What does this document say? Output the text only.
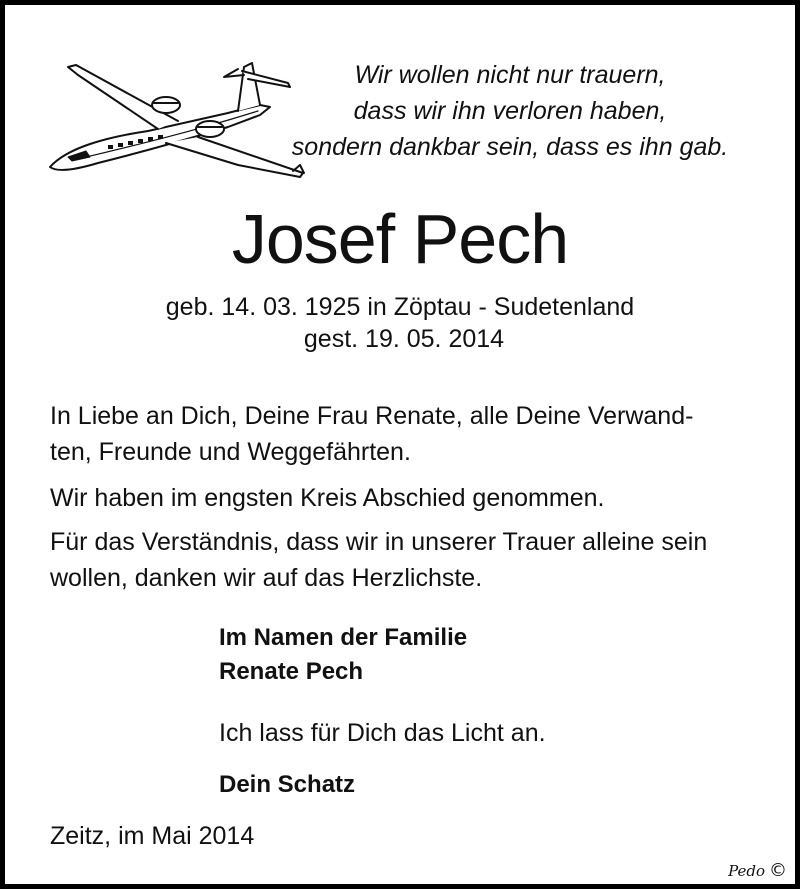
Wir wollen nicht nur trauern,
dass wir ihn verloren haben,
sondern dankbar sein, dass es ihn gab.
Josef Pech
geb. 14. 03. 1925 in Zöptau - Sudetenland
gest. 19. 05. 2014

In Liebe an Dich, Deine Frau Renate, alle Deine Verwand-
ten, Freunde und Weggefährten.

Wir haben im engsten Kreis Abschied genommen.

Für das Verständnis, dass wir in unserer Trauer alleine sein
wollen, danken wir auf das Herzlichste.

Im Namen der Familie
Renate Pech
Ich lass für Dich das Licht an.
Dein Schatz
Zeitz, im Mai 2014
Pedo ©
